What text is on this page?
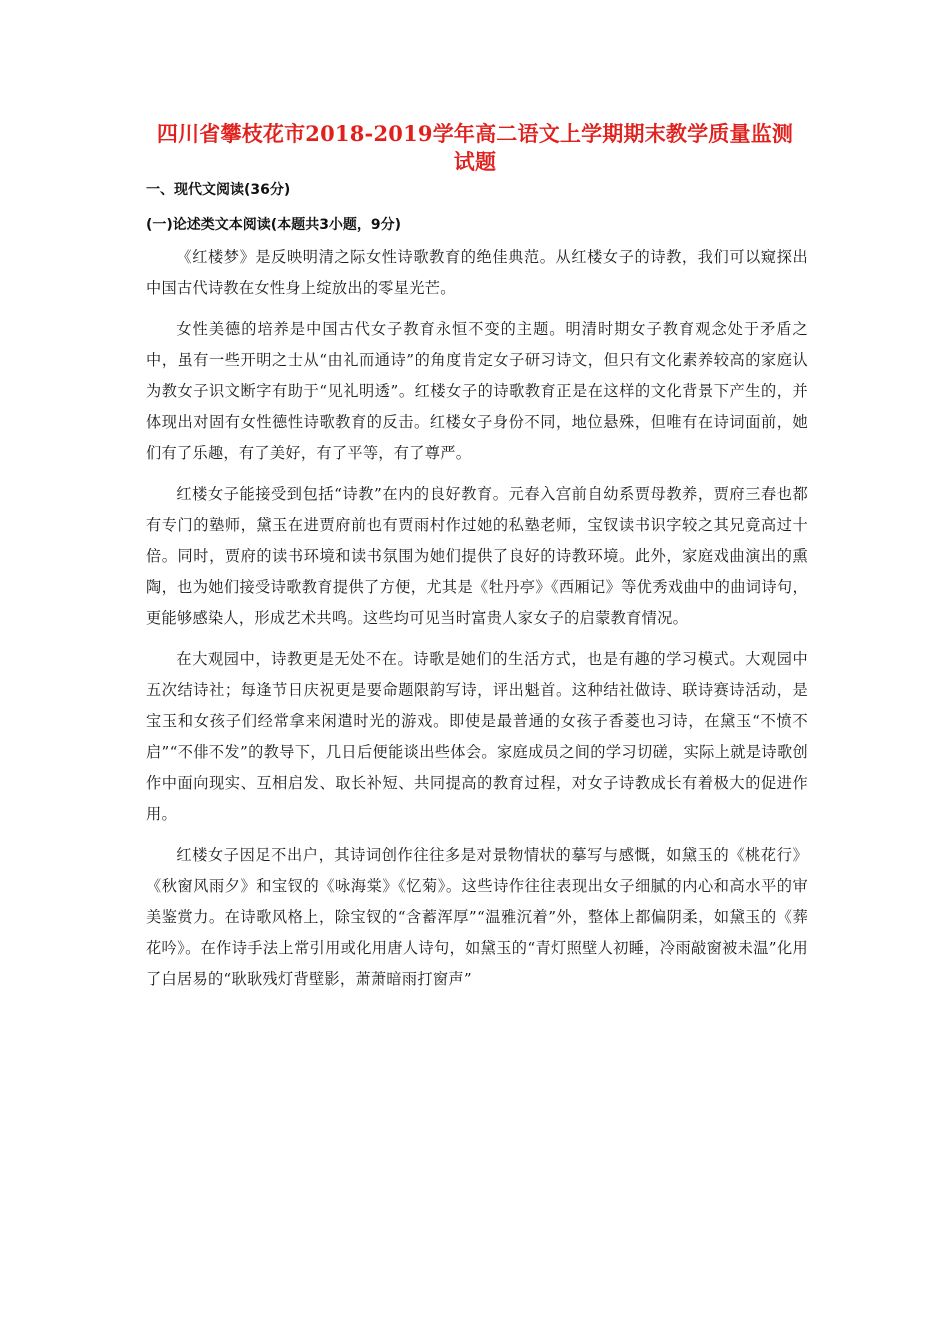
四川省攀枝花市2018-2019学年高二语文上学期期末教学质量监测
试题
一、现代文阅读(36分)
(一)论述类文本阅读(本题共3小题，9分)

《红楼梦》是反映明清之际女性诗歌教育的绝佳典范。从红楼女子的诗教，我们可以窥探出中国古代诗教在女性身上绽放出的零星光芒。

女性美德的培养是中国古代女子教育永恒不变的主题。明清时期女子教育观念处于矛盾之中，虽有一些开明之士从“由礼而通诗”的角度肯定女子研习诗文，但只有文化素养较高的家庭认为教女子识文断字有助于“见礼明透”。红楼女子的诗歌教育正是在这样的文化背景下产生的，并体现出对固有女性德性诗歌教育的反击。红楼女子身份不同，地位悬殊，但唯有在诗词面前，她们有了乐趣，有了美好，有了平等，有了尊严。

红楼女子能接受到包括“诗教”在内的良好教育。元春入宫前自幼系贾母教养，贾府三春也都有专门的塾师，黛玉在进贾府前也有贾雨村作过她的私塾老师，宝钗读书识字较之其兄竟高过十倍。同时，贾府的读书环境和读书氛围为她们提供了良好的诗教环境。此外，家庭戏曲演出的熏陶，也为她们接受诗歌教育提供了方便，尤其是《牡丹亭》《西厢记》等优秀戏曲中的曲词诗句，更能够感染人，形成艺术共鸣。这些均可见当时富贵人家女子的启蒙教育情况。

在大观园中，诗教更是无处不在。诗歌是她们的生活方式，也是有趣的学习模式。大观园中五次结诗社；每逢节日庆祝更是要命题限韵写诗，评出魁首。这种结社做诗、联诗赛诗活动，是宝玉和女孩子们经常拿来闲遣时光的游戏。即使是最普通的女孩子香菱也习诗，在黛玉“不愤不启”“不俳不发”的教导下，几日后便能谈出些体会。家庭成员之间的学习切磋，实际上就是诗歌创作中面向现实、互相启发、取长补短、共同提高的教育过程，对女子诗教成长有着极大的促进作用。

红楼女子因足不出户，其诗词创作往往多是对景物情状的摹写与感慨，如黛玉的《桃花行》《秋窗风雨夕》和宝钗的《咏海棠》《忆菊》。这些诗作往往表现出女子细腻的内心和高水平的审美鉴赏力。在诗歌风格上，除宝钗的“含蓄浑厚”“温雅沉着”外，整体上都偏阴柔，如黛玉的《葬花吟》。在作诗手法上常引用或化用唐人诗句，如黛玉的“青灯照壁人初睡，冷雨敲窗被未温”化用了白居易的“耿耿残灯背壁影，萧萧暗雨打窗声”
